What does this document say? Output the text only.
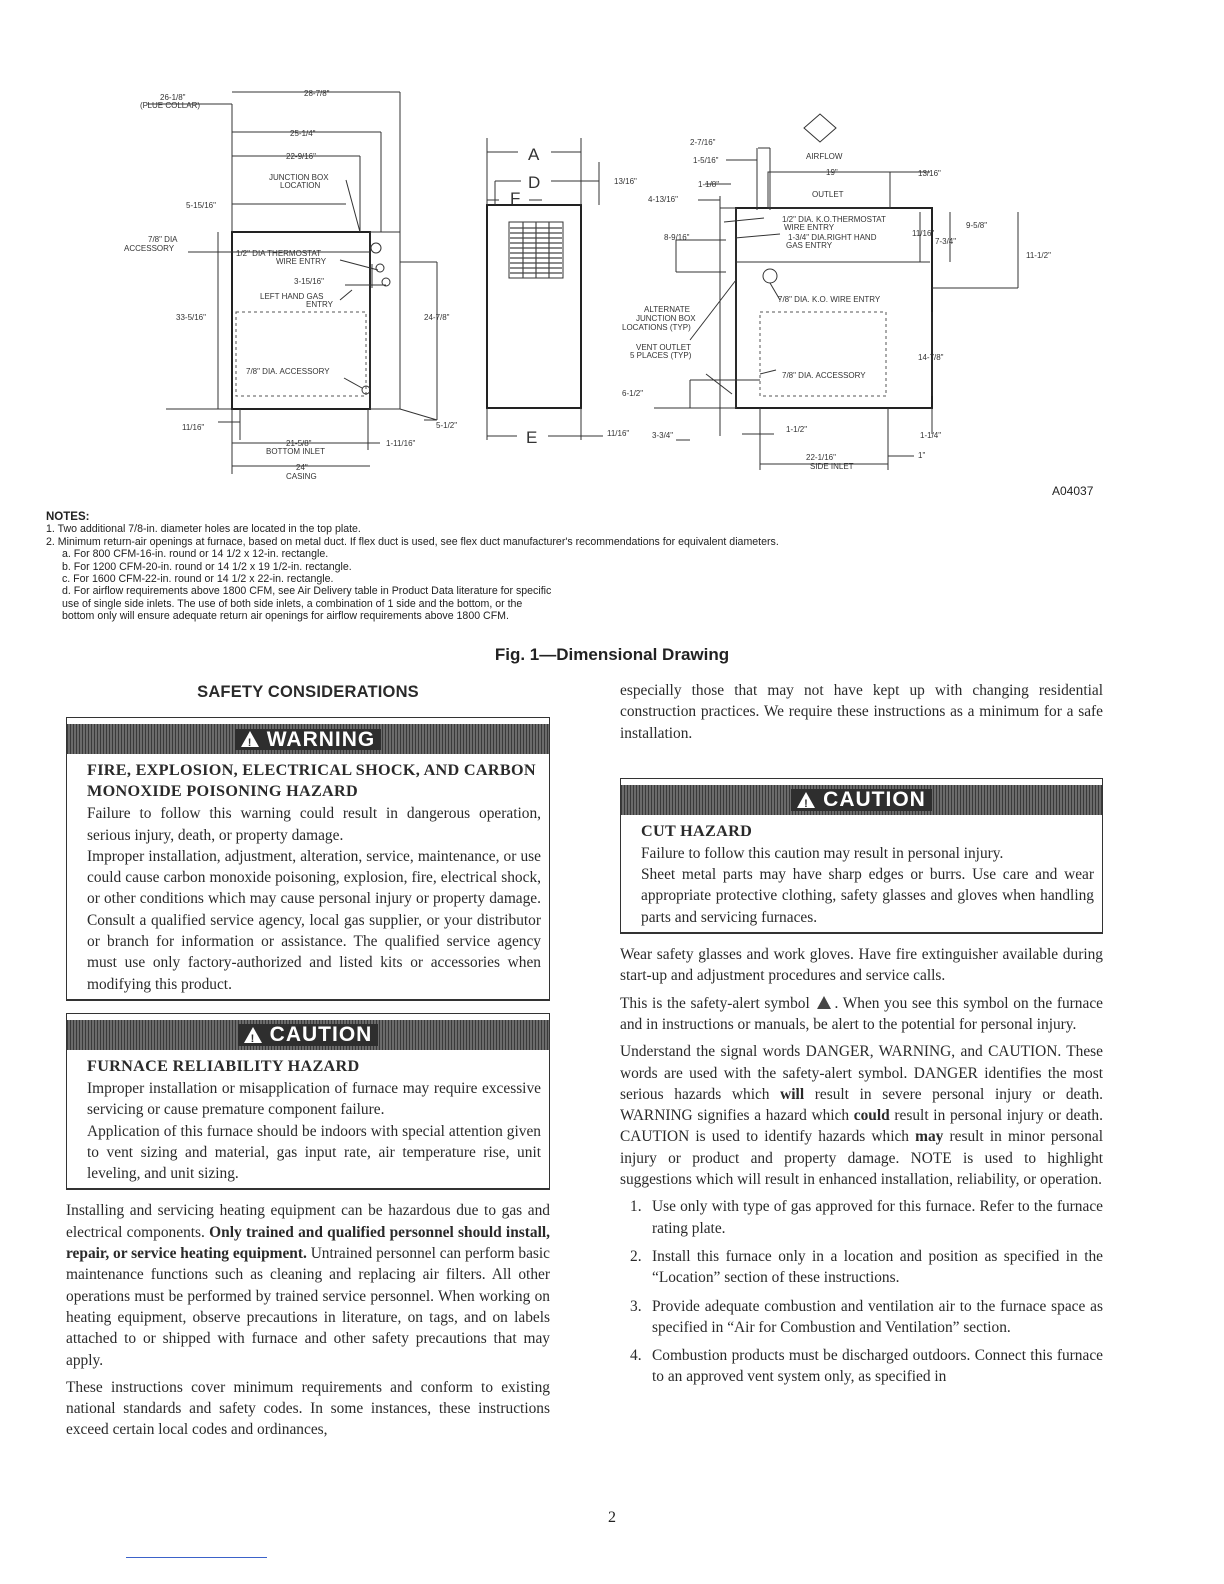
26-1/8"
(FLUE COLLAR)
28-7/8"
25-1/4"
22-9/16"
JUNCTION BOX
LOCATION
5-15/16"
7/8" DIA
ACCESSORY
1/2" DIA THERMOSTAT
WIRE ENTRY
3-15/16"
LEFT HAND GAS
ENTRY
33-5/16"	24-7/8"
7/8" DIA. ACCESSORY
11/16"	5-1/2"
21-5/8"
BOTTOM INLET
1-11/16"
24"
CASING
A
D
F
E
13/16"
11/16"
2-7/16"
1-5/16"	AIRFLOW
19"	13/16"
1-1/8"
OUTLET
4-13/16"
1/2" DIA. K.O.THERMOSTAT
WIRE ENTRY
1-3/4" DIA.RIGHT HAND
GAS ENTRY
8-9/16"	11/16"
7-3/4"
9-5/8"
11-1/2"
7/8" DIA. K.O. WIRE ENTRY
ALTERNATE
JUNCTION BOX
LOCATIONS (TYP)
VENT OUTLET
5 PLACES (TYP)	14-7/8"
7/8" DIA. ACCESSORY
6-1/2"
3-3/4"
1-1/2"
1-1/4"
22-1/16"
SIDE INLET
1"
A04037
NOTES:
1. Two additional 7/8-in. diameter holes are located in the top plate.
2. Minimum return-air openings at furnace, based on metal duct. If flex duct is used, see flex duct manufacturer's recommendations for equivalent diameters.
a. For 800 CFM-16-in. round or 14 1/2 x 12-in. rectangle.
b. For 1200 CFM-20-in. round or 14 1/2 x 19 1/2-in. rectangle.
c. For 1600 CFM-22-in. round or 14 1/2 x 22-in. rectangle.
d. For airflow requirements above 1800 CFM, see Air Delivery table in Product Data literature for specific
use of single side inlets. The use of both side inlets, a combination of 1 side and the bottom, or the
bottom only will ensure adequate return air openings for airflow requirements above 1800 CFM.
Fig. 1—Dimensional Drawing
SAFETY CONSIDERATIONS
!
WARNING
FIRE, EXPLOSION, ELECTRICAL SHOCK, AND CARBON MONOXIDE POISONING HAZARD
Failure to follow this warning could result in dangerous operation, serious injury, death, or property damage.
Improper installation, adjustment, alteration, service, maintenance, or use could cause carbon monoxide poisoning, explosion, fire, electrical shock, or other conditions which may cause personal injury or property damage. Consult a qualified service agency, local gas supplier, or your distributor or branch for information or assistance. The qualified service agency must use only factory-authorized and listed kits or accessories when modifying this product.
!
CAUTION
FURNACE RELIABILITY HAZARD
Improper installation or misapplication of furnace may require excessive servicing or cause premature component failure.
Application of this furnace should be indoors with special attention given to vent sizing and material, gas input rate, air temperature rise, unit leveling, and unit sizing.
Installing and servicing heating equipment can be hazardous due to gas and electrical components. Only trained and qualified personnel should install, repair, or service heating equipment. Untrained personnel can perform basic maintenance functions such as cleaning and replacing air filters. All other operations must be performed by trained service personnel. When working on heating equipment, observe precautions in literature, on tags, and on labels attached to or shipped with furnace and other safety precautions that may apply.
These instructions cover minimum requirements and conform to existing national standards and safety codes. In some instances, these instructions exceed certain local codes and ordinances,
especially those that may not have kept up with changing residential construction practices. We require these instructions as a minimum for a safe installation.
!
CAUTION
CUT HAZARD
Failure to follow this caution may result in personal injury.
Sheet metal parts may have sharp edges or burrs. Use care and wear appropriate protective clothing, safety glasses and gloves when handling parts and servicing furnaces.
Wear safety glasses and work gloves. Have fire extinguisher available during start-up and adjustment procedures and service calls.
This is the safety-alert symbol . When you see this symbol on the furnace and in instructions or manuals, be alert to the potential for personal injury.
Understand the signal words DANGER, WARNING, and CAUTION. These words are used with the safety-alert symbol. DANGER identifies the most serious hazards which will result in severe personal injury or death. WARNING signifies a hazard which could result in personal injury or death. CAUTION is used to identify hazards which may result in minor personal injury or product and property damage. NOTE is used to highlight suggestions which will result in enhanced installation, reliability, or operation.
1. Use only with type of gas approved for this furnace. Refer to the furnace rating plate.
2. Install this furnace only in a location and position as specified in the “Location” section of these instructions.
3. Provide adequate combustion and ventilation air to the furnace space as specified in “Air for Combustion and Ventilation” section.
4. Combustion products must be discharged outdoors. Connect this furnace to an approved vent system only, as specified in
2
